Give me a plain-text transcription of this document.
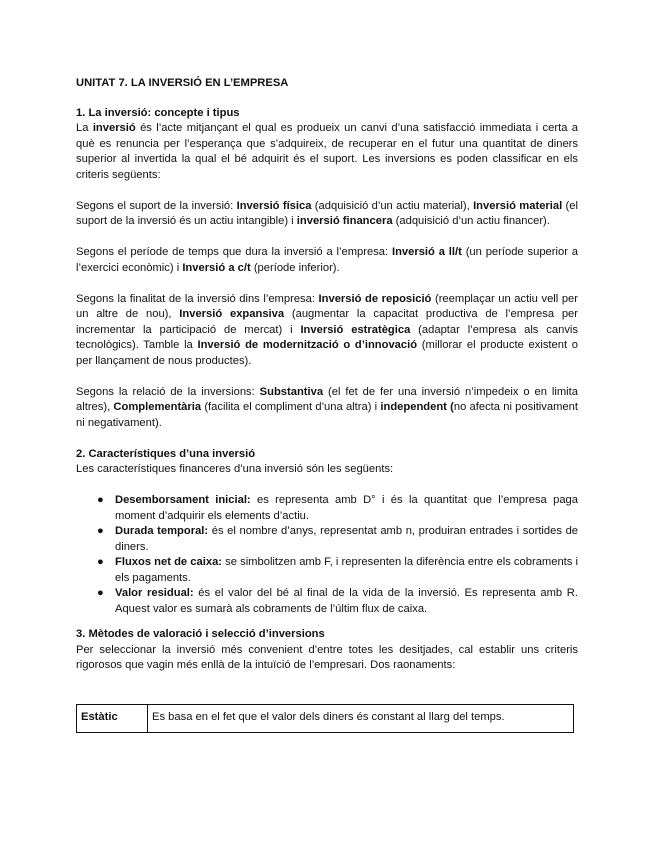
UNITAT 7. LA INVERSIÓ EN L’EMPRESA

1. La inversió: concepte i tipus

La inversió és l’acte mitjançant el qual es produeix un canvi d’una satisfacció immediata i certa a què es renuncia per l’esperança que s’adquireix, de recuperar en el futur una quantitat de diners superior al invertida la qual el bé adquirit és el suport. Les inversions es poden classificar en els criteris següents:

Segons el suport de la inversió: Inversió física (adquisició d’un actiu material), Inversió material (el suport de la inversió és un actiu intangible) i inversió financera (adquisició d’un actiu financer).

Segons el període de temps que dura la inversió a l’empresa: Inversió a ll/t (un període superior a l’exercici econòmic) i Inversió a c/t (període inferior).

Segons la finalitat de la inversió dins l’empresa: Inversió de reposició (reemplaçar un actiu vell per un altre de nou), Inversió expansiva (augmentar la capacitat productiva de l’empresa per incrementar la participació de mercat) i Inversió estratègica (adaptar l’empresa als canvis tecnològics). Tamble la Inversió de modernització o d’innovació (millorar el producte existent o per llançament de nous productes).

Segons la relació de la inversions: Substantiva (el fet de fer una inversió n’impedeix o en limita altres), Complementària (facilita el compliment d’una altra) i independent (no afecta ni positivament ni negativament).

2. Característiques d’una inversió

Les característiques financeres d’una inversió són les següents:

● Desemborsament inicial: es representa amb D° i és la quantitat que l’empresa paga moment d’adquirir els elements d’actiu.
● Durada temporal: és el nombre d’anys, representat amb n, produiran entrades i sortides de diners.
● Fluxos net de caixa: se simbolitzen amb F, i representen la diferència entre els cobraments i els pagaments.
● Valor residual: és el valor del bé al final de la vida de la inversió. Es representa amb R. Aquest valor es sumarà als cobraments de l’últim flux de caixa.
3. Mètodes de valoració i selecció d’inversions

Per seleccionar la inversió més convenient d’entre totes les desitjades, cal establir uns criteris rigorosos que vagin més enllà de la intuïció de l’empresari. Dos raonaments:

Estàtic	Es basa en el fet que el valor dels diners és constant al llarg del temps.
